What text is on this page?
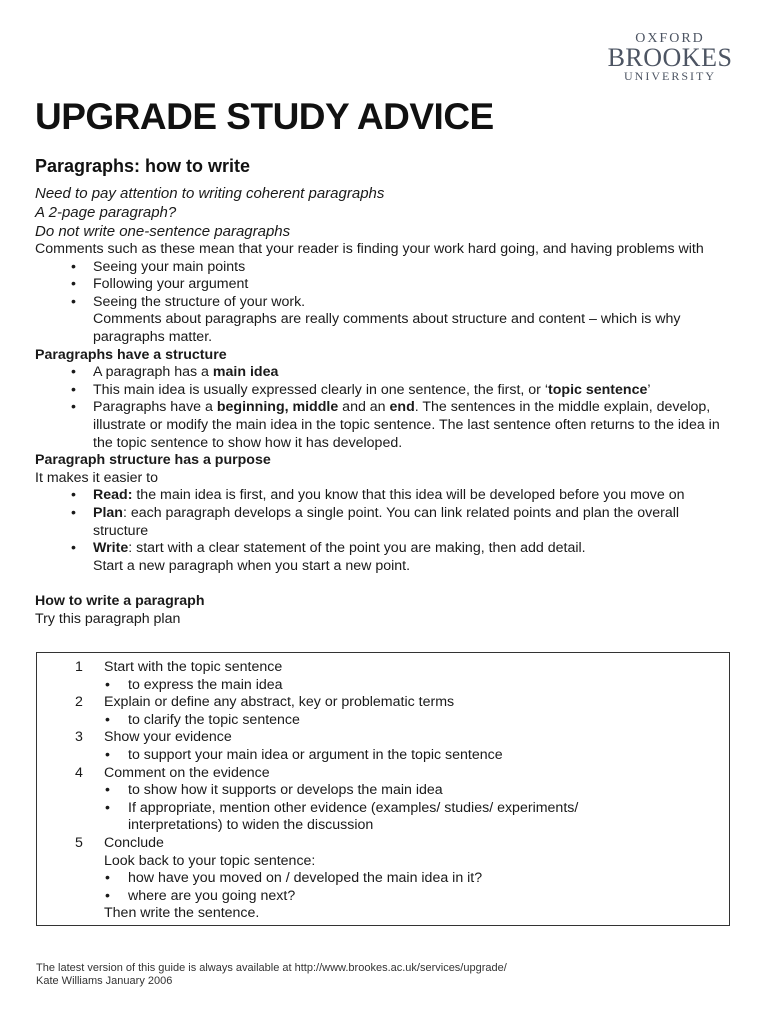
OXFORD
BROOKES
UNIVERSITY
UPGRADE STUDY ADVICE
Paragraphs: how to write

Need to pay attention to writing coherent paragraphs

A 2-page paragraph?

Do not write one-sentence paragraphs

Comments such as these mean that your reader is finding your work hard going, and having problems with

• Seeing your main points
• Following your argument
• Seeing the structure of your work.

Comments about paragraphs are really comments about structure and content – which is why paragraphs matter.

Paragraphs have a structure

• A paragraph has a main idea
• This main idea is usually expressed clearly in one sentence, the first, or ‘topic sentence’
• Paragraphs have a beginning, middle and an end. The sentences in the middle explain, develop, illustrate or modify the main idea in the topic sentence. The last sentence often returns to the idea in the topic sentence to show how it has developed.

Paragraph structure has a purpose

It makes it easier to

• Read: the main idea is first, and you know that this idea will be developed before you move on
• Plan: each paragraph develops a single point. You can link related points and plan the overall structure
• Write: start with a clear statement of the point you are making, then add detail.

Start a new paragraph when you start a new point.

How to write a paragraph

Try this paragraph plan

1 Start with the topic sentence
• to express the main idea
2 Explain or define any abstract, key or problematic terms
• to clarify the topic sentence
3 Show your evidence
• to support your main idea or argument in the topic sentence
4 Comment on the evidence
• to show how it supports or develops the main idea
• If appropriate, mention other evidence (examples/ studies/ experiments/
interpretations) to widen the discussion
5 Conclude
Look back to your topic sentence:
• how have you moved on / developed the main idea in it?
• where are you going next?
Then write the sentence.
The latest version of this guide is always available at http://www.brookes.ac.uk/services/upgrade/
Kate Williams January 2006
